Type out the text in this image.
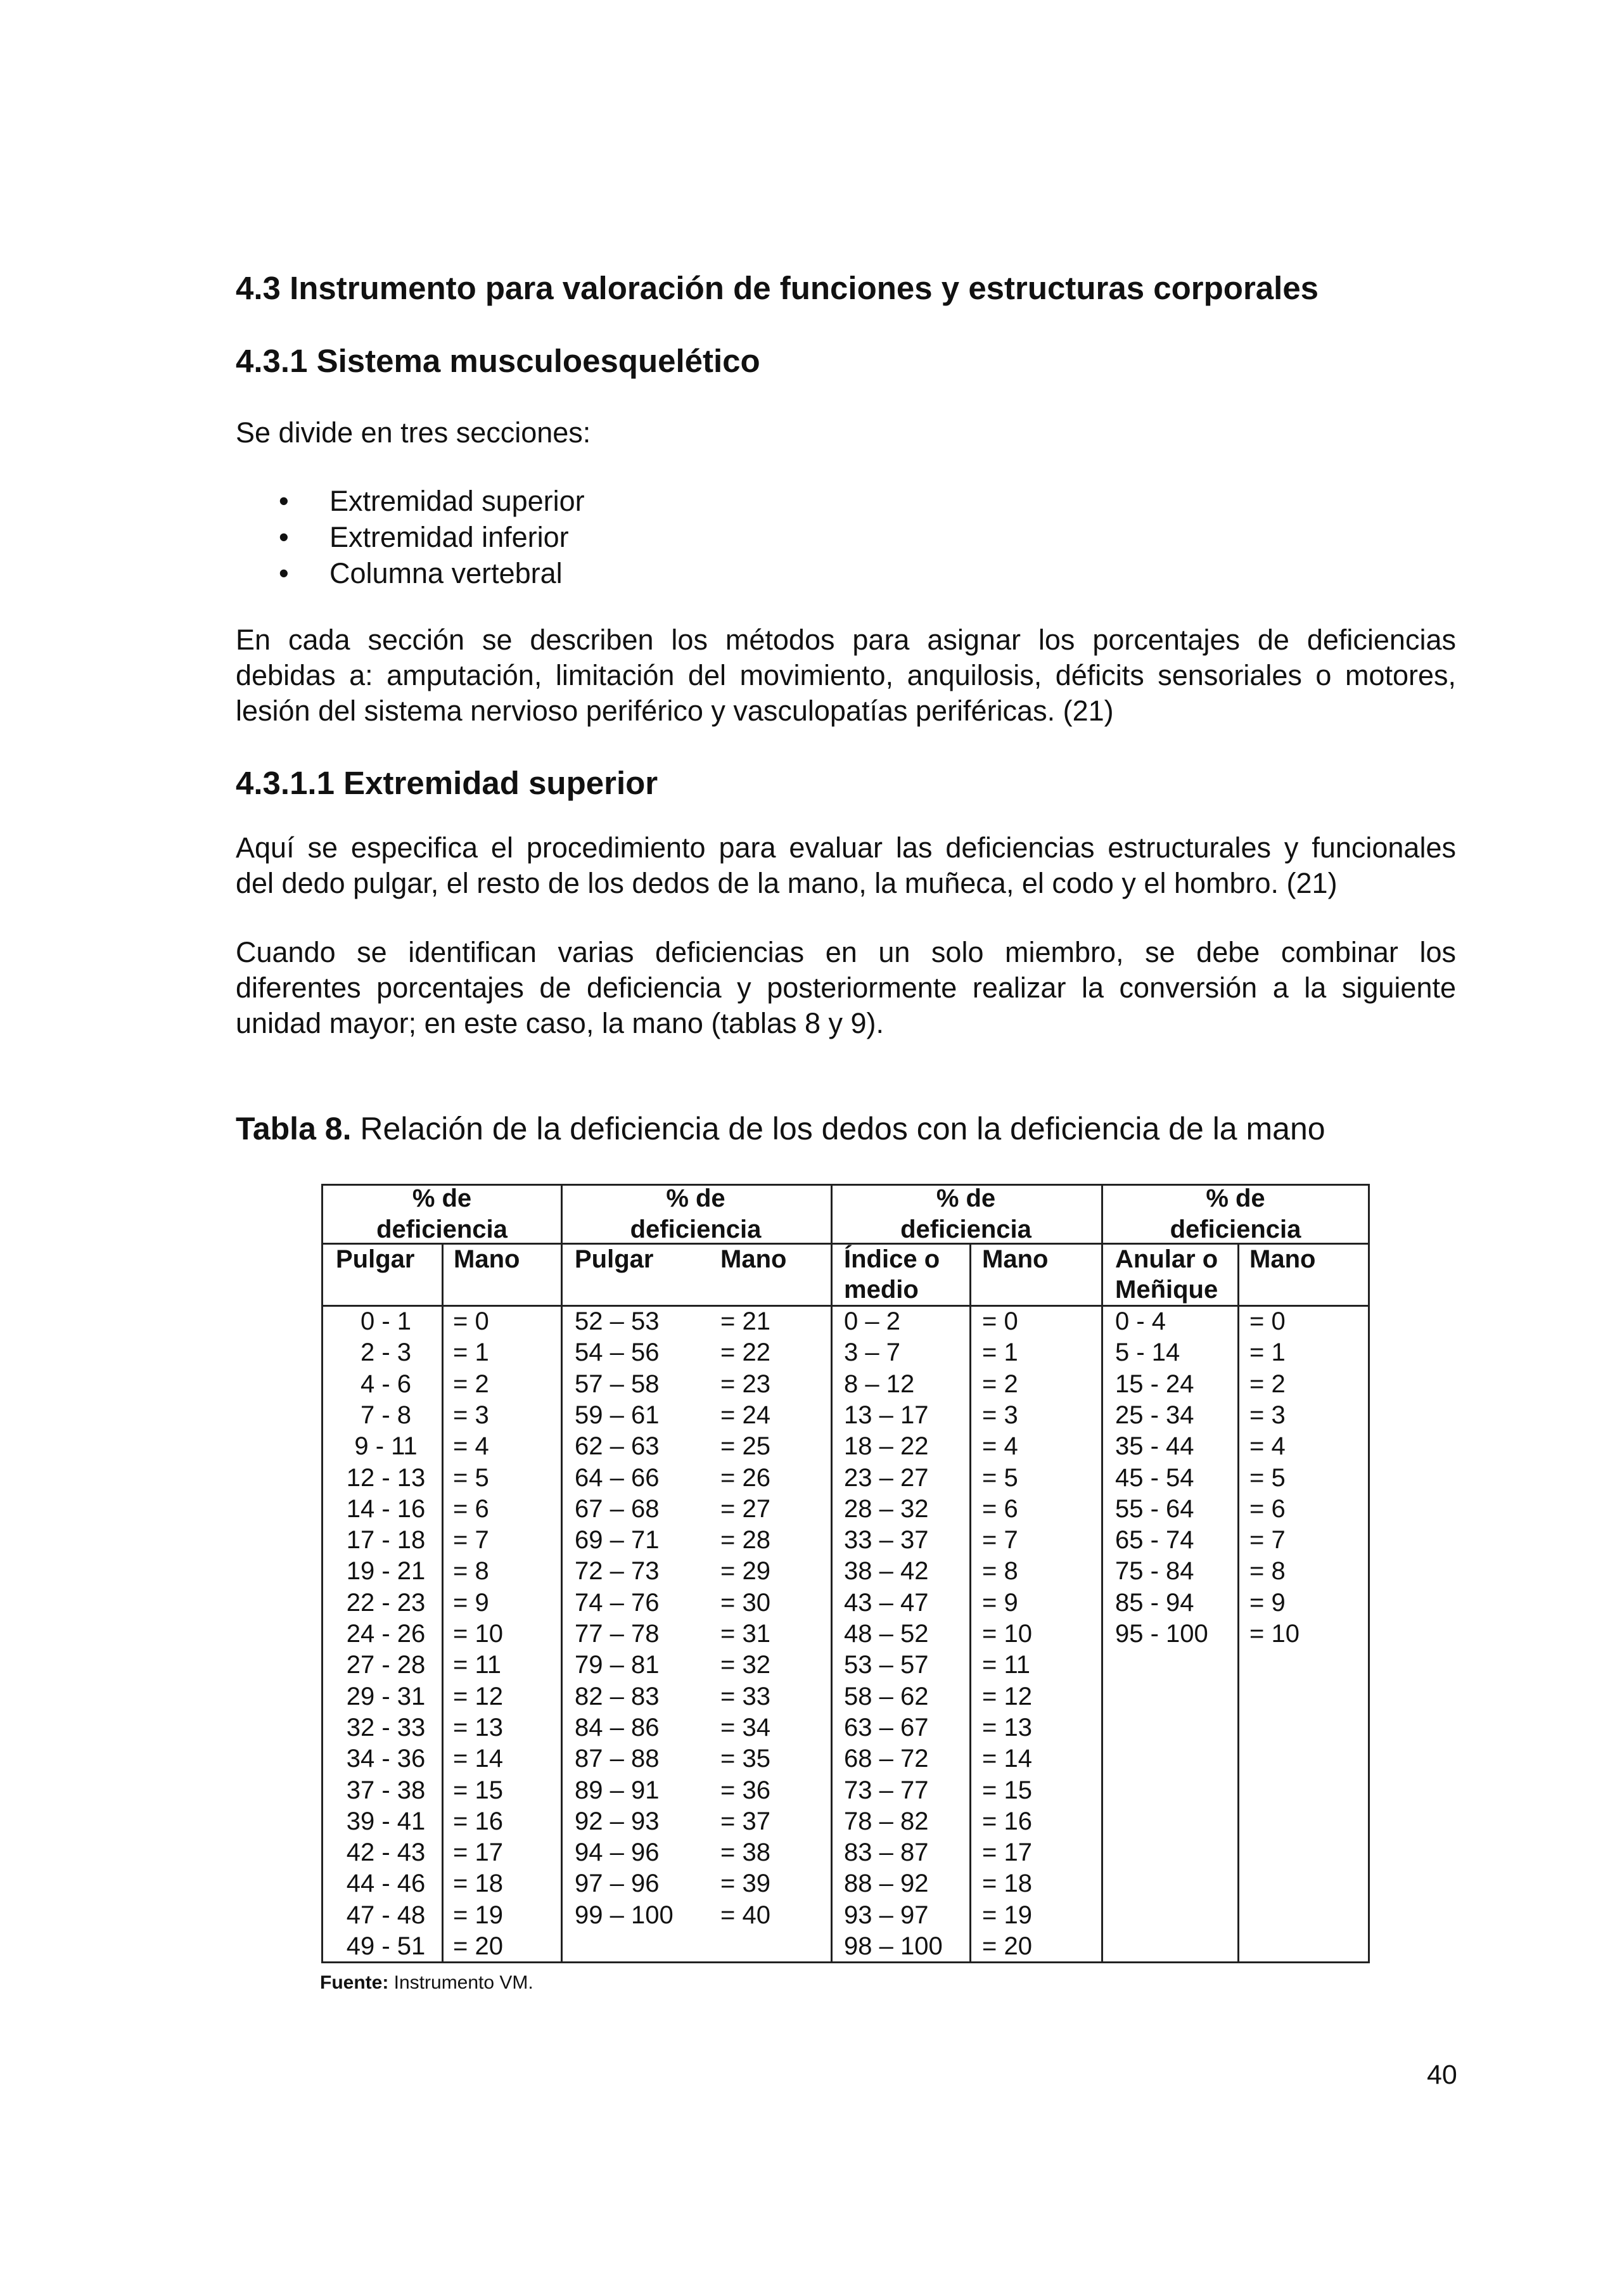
4.3 Instrumento para valoración de funciones y estructuras corporales
4.3.1 Sistema musculoesquelético
Se divide en tres secciones:
• Extremidad superior
• Extremidad inferior
• Columna vertebral
En cada sección se describen los métodos para asignar los porcentajes de deficiencias
debidas a: amputación, limitación del movimiento, anquilosis, déficits sensoriales o motores,
lesión del sistema nervioso periférico y vasculopatías periféricas. (21)
4.3.1.1 Extremidad superior
Aquí se especifica el procedimiento para evaluar las deficiencias estructurales y funcionales
del dedo pulgar, el resto de los dedos de la mano, la muñeca, el codo y el hombro. (21)
Cuando se identifican varias deficiencias en un solo miembro, se debe combinar los
diferentes porcentajes de deficiencia y posteriormente realizar la conversión a la siguiente
unidad mayor; en este caso, la mano (tablas 8 y 9).
Tabla 8. Relación de la deficiencia de los dedos con la deficiencia de la mano
% de
deficiencia
% de
deficiencia
% de
deficiencia
% de
deficiencia
Pulgar Mano Pulgar	Mano Índice o
medio
Mano	Anular o
Meñique
Mano
0 - 1
2 - 3
4 - 6
7 - 8
9 - 11
12 - 13
14 - 16
17 - 18
19 - 21
22 - 23
24 - 26
27 - 28
29 - 31
32 - 33
34 - 36
37 - 38
39 - 41
42 - 43
44 - 46
47 - 48
49 - 51
= 0
= 1
= 2
= 3
= 4
= 5
= 6
= 7
= 8
= 9
= 10
= 11
= 12
= 13
= 14
= 15
= 16
= 17
= 18
= 19
= 20
52 – 53
54 – 56
57 – 58
59 – 61
62 – 63
64 – 66
67 – 68
69 – 71
72 – 73
74 – 76
77 – 78
79 – 81
82 – 83
84 – 86
87 – 88
89 – 91
92 – 93
94 – 96
97 – 96
99 – 100
= 21
= 22
= 23
= 24
= 25
= 26
= 27
= 28
= 29
= 30
= 31
= 32
= 33
= 34
= 35
= 36
= 37
= 38
= 39
= 40
0 – 2
3 – 7
8 – 12
13 – 17
18 – 22
23 – 27
28 – 32
33 – 37
38 – 42
43 – 47
48 – 52
53 – 57
58 – 62
63 – 67
68 – 72
73 – 77
78 – 82
83 – 87
88 – 92
93 – 97
98 – 100
= 0
= 1
= 2
= 3
= 4
= 5
= 6
= 7
= 8
= 9
= 10
= 11
= 12
= 13
= 14
= 15
= 16
= 17
= 18
= 19
= 20
0 - 4
5 - 14
15 - 24
25 - 34
35 - 44
45 - 54
55 - 64
65 - 74
75 - 84
85 - 94
95 - 100
= 0
= 1
= 2
= 3
= 4
= 5
= 6
= 7
= 8
= 9
= 10
Fuente: Instrumento VM.
40
